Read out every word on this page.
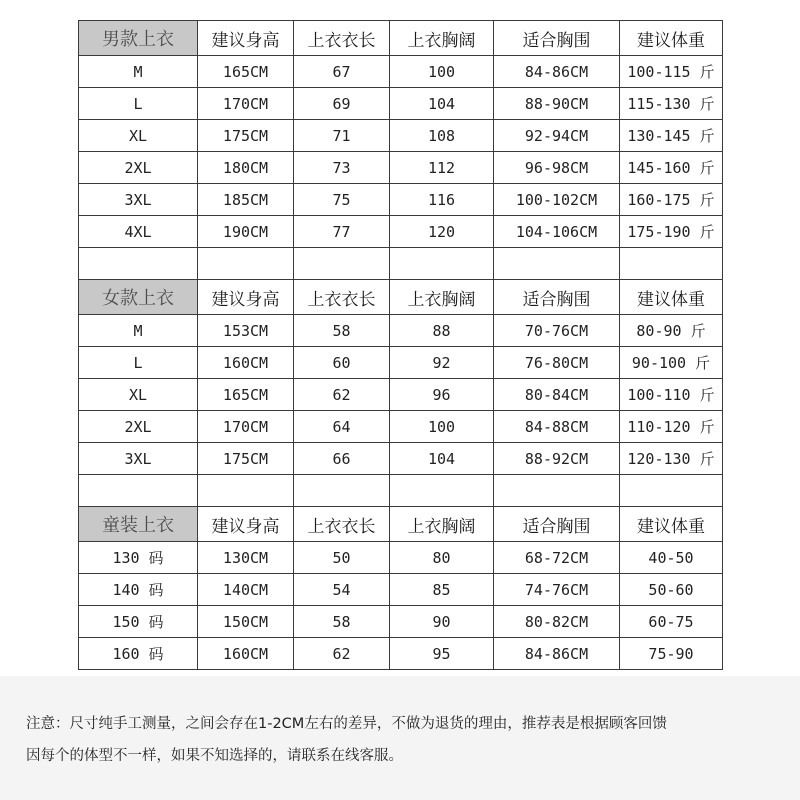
男款上衣	建议身高	上衣衣长	上衣胸阔	适合胸围	建议体重
M	165CM	67	100	84-86CM	100-115 斤
L	170CM	69	104	88-90CM	115-130 斤
XL	175CM	71	108	92-94CM	130-145 斤
2XL	180CM	73	112	96-98CM	145-160 斤
3XL	185CM	75	116	100-102CM	160-175 斤
4XL	190CM	77	120	104-106CM	175-190 斤

女款上衣	建议身高	上衣衣长	上衣胸阔	适合胸围	建议体重
M	153CM	58	88	70-76CM	80-90 斤
L	160CM	60	92	76-80CM	90-100 斤
XL	165CM	62	96	80-84CM	100-110 斤
2XL	170CM	64	100	84-88CM	110-120 斤
3XL	175CM	66	104	88-92CM	120-130 斤

童装上衣	建议身高	上衣衣长	上衣胸阔	适合胸围	建议体重
130 码	130CM	50	80	68-72CM	40-50
140 码	140CM	54	85	74-76CM	50-60
150 码	150CM	58	90	80-82CM	60-75
160 码	160CM	62	95	84-86CM	75-90
注意：尺寸纯手工测量，之间会存在1-2CM左右的差异，不做为退货的理由，推荐表是根据顾客回馈
因每个的体型不一样，如果不知选择的，请联系在线客服。
